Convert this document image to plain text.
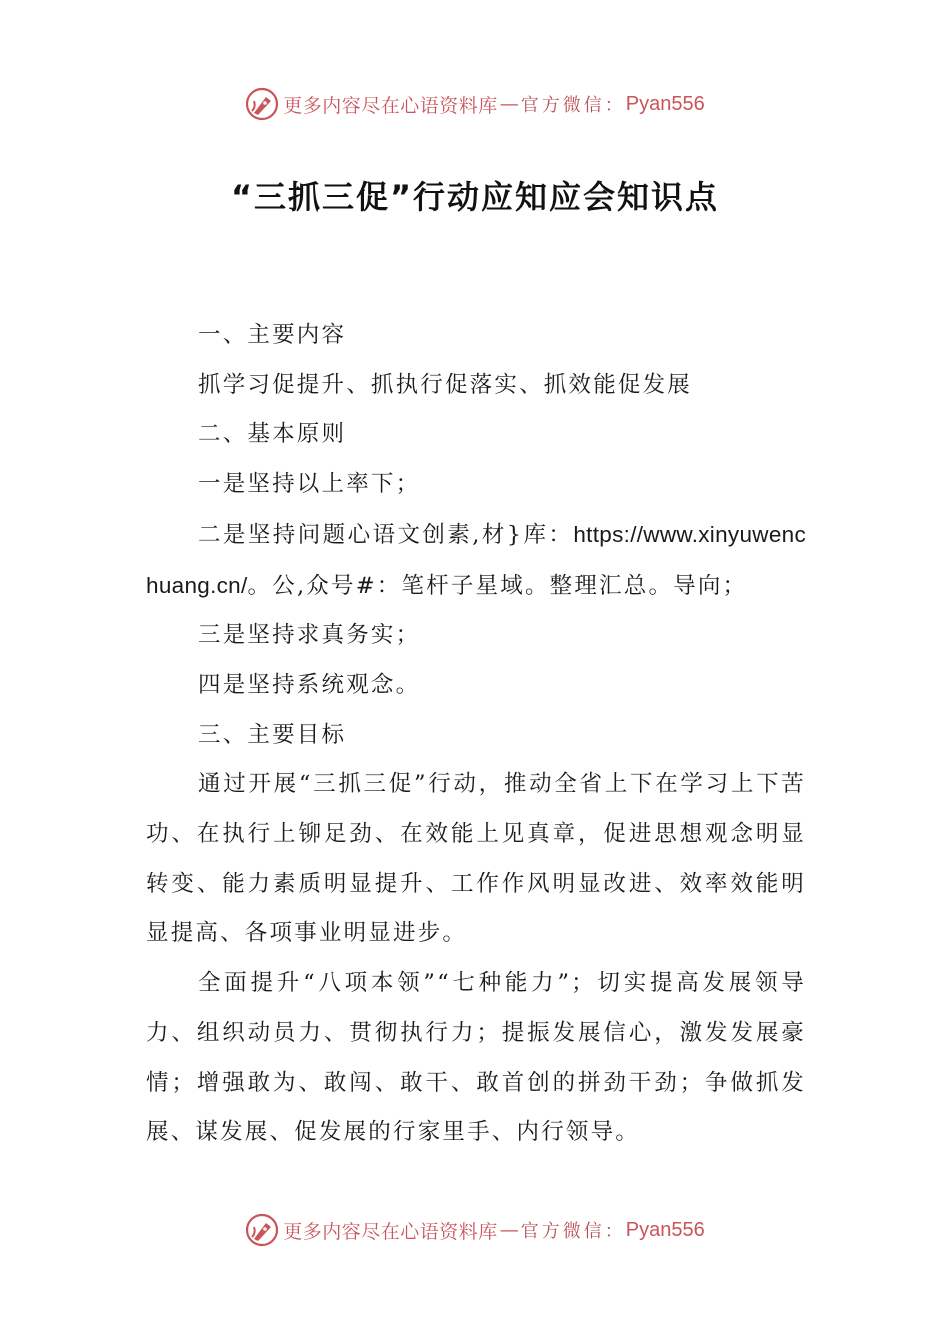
更多内容尽在心语资料库 — 官方微信： Pyan556
“三抓三促”行动应知应会知识点

一、主要内容

抓学习促提升、抓执行促落实、抓效能促发展

二、基本原则

一是坚持以上率下；

二是坚持问题心语文创素,材}库：https://www.xinyuwenchuang.cn/。公,众号#：笔杆子星域。整理汇总。导向；

三是坚持求真务实；

四是坚持系统观念。

三、主要目标

通过开展“三抓三促”行动，推动全省上下在学习上下苦功、在执行上铆足劲、在效能上见真章，促进思想观念明显转变、能力素质明显提升、工作作风明显改进、效率效能明显提高、各项事业明显进步。

全面提升“八项本领”“七种能力”；切实提高发展领导力、组织动员力、贯彻执行力；提振发展信心，激发发展豪情；增强敢为、敢闯、敢干、敢首创的拼劲干劲；争做抓发展、谋发展、促发展的行家里手、内行领导。

更多内容尽在心语资料库 — 官方微信： Pyan556
